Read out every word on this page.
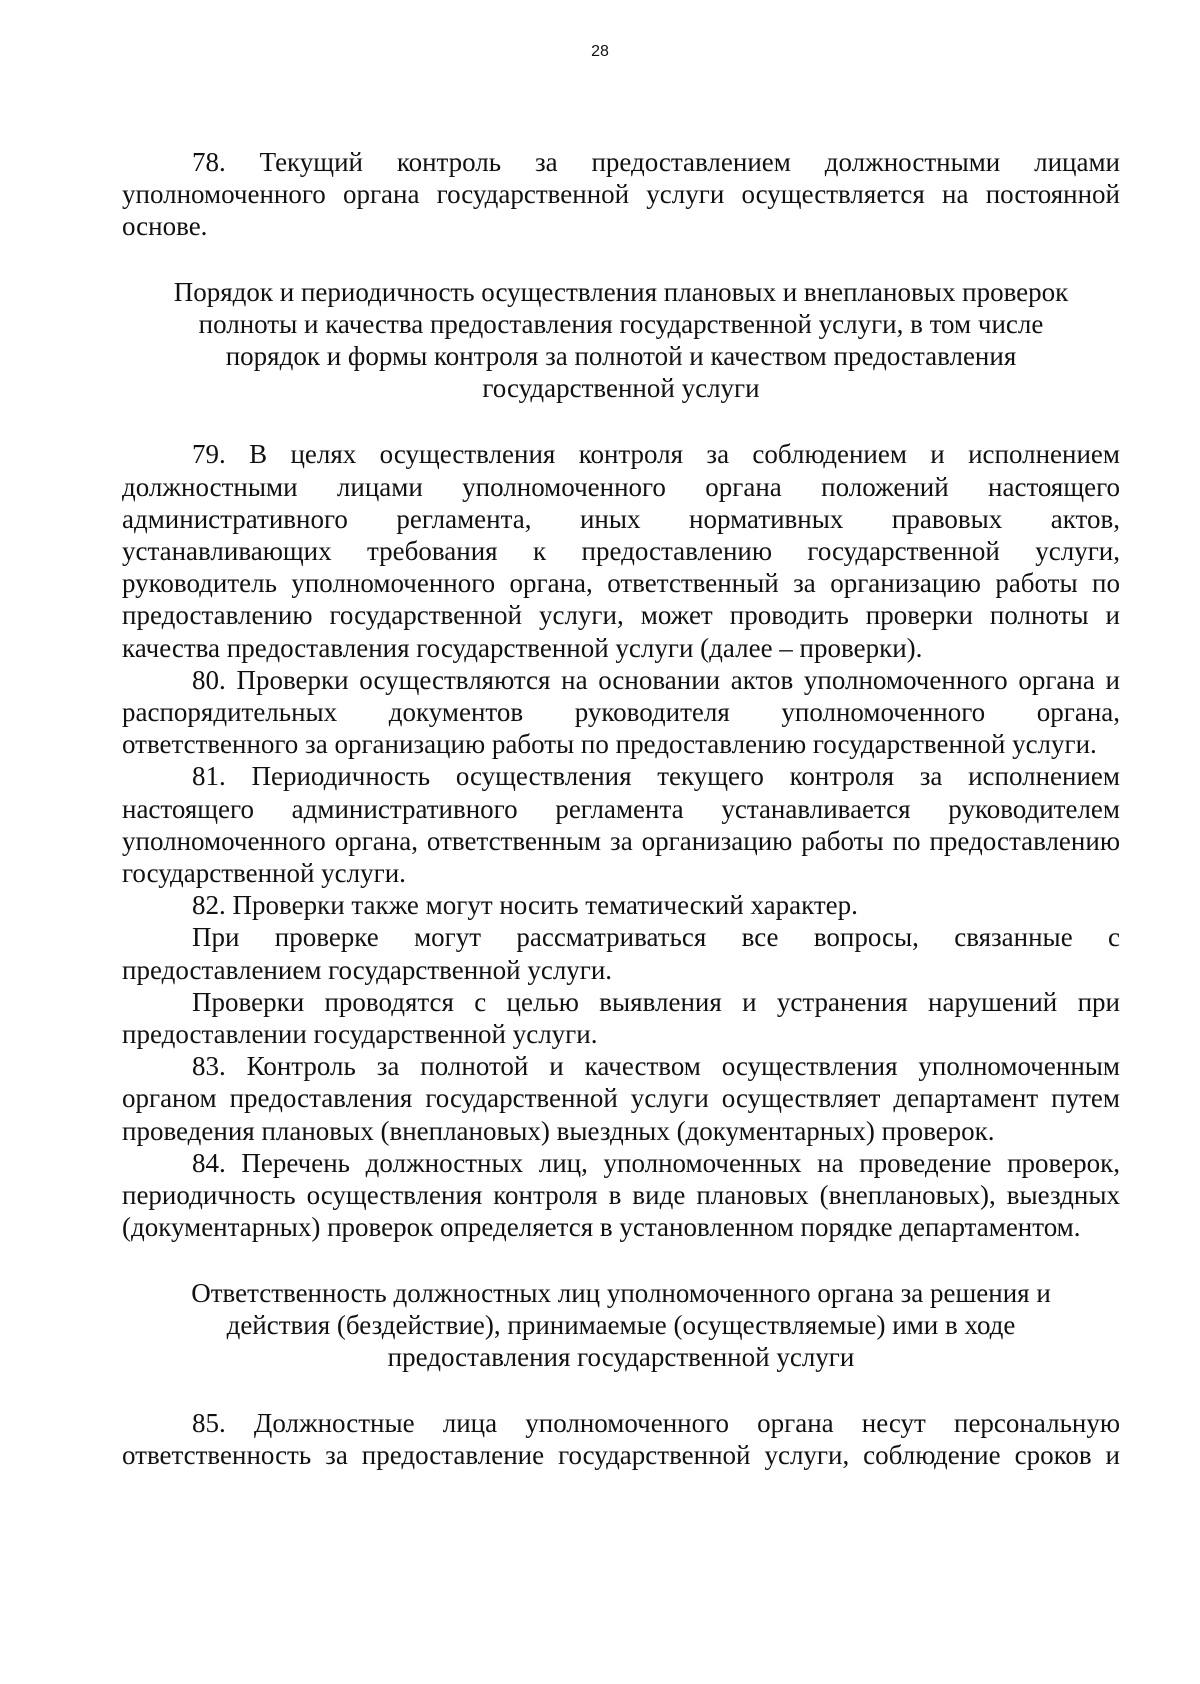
28

78. Текущий контроль за предоставлением должностными лицами уполномоченного органа государственной услуги осуществляется на постоянной основе.

Порядок и периодичность осуществления плановых и внеплановых проверок полноты и качества предоставления государственной услуги, в том числе порядок и формы контроля за полнотой и качеством предоставления государственной услуги

79. В целях осуществления контроля за соблюдением и исполнением должностными лицами уполномоченного органа положений настоящего административного регламента, иных нормативных правовых актов, устанавливающих требования к предоставлению государственной услуги, руководитель уполномоченного органа, ответственный за организацию работы по предоставлению государственной услуги, может проводить проверки полноты и качества предоставления государственной услуги (далее – проверки).

80. Проверки осуществляются на основании актов уполномоченного органа и распорядительных документов руководителя уполномоченного органа, ответственного за организацию работы по предоставлению государственной услуги.

81. Периодичность осуществления текущего контроля за исполнением настоящего административного регламента устанавливается руководителем уполномоченного органа, ответственным за организацию работы по предоставлению государственной услуги.

82. Проверки также могут носить тематический характер.

При проверке могут рассматриваться все вопросы, связанные с предоставлением государственной услуги.

Проверки проводятся с целью выявления и устранения нарушений при предоставлении государственной услуги.

83. Контроль за полнотой и качеством осуществления уполномоченным органом предоставления государственной услуги осуществляет департамент путем проведения плановых (внеплановых) выездных (документарных) проверок.

84. Перечень должностных лиц, уполномоченных на проведение проверок, периодичность осуществления контроля в виде плановых (внеплановых), выездных (документарных) проверок определяется в установленном порядке департаментом.

Ответственность должностных лиц уполномоченного органа за решения и действия (бездействие), принимаемые (осуществляемые) ими в ходе предоставления государственной услуги

85. Должностные лица уполномоченного органа несут персональную ответственность за предоставление государственной услуги, соблюдение сроков и
